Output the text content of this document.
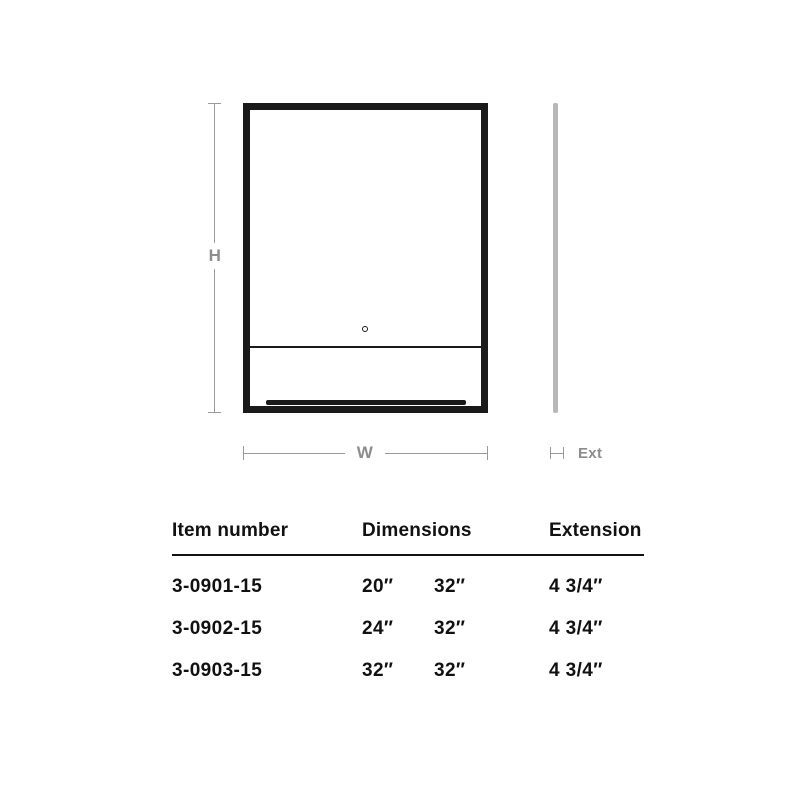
H
W	Ext
Item number	Dimensions		Extension
3-0901-15	20″	32″	4 3/4″
3-0902-15	24″	32″	4 3/4″
3-0903-15	32″	32″	4 3/4″
